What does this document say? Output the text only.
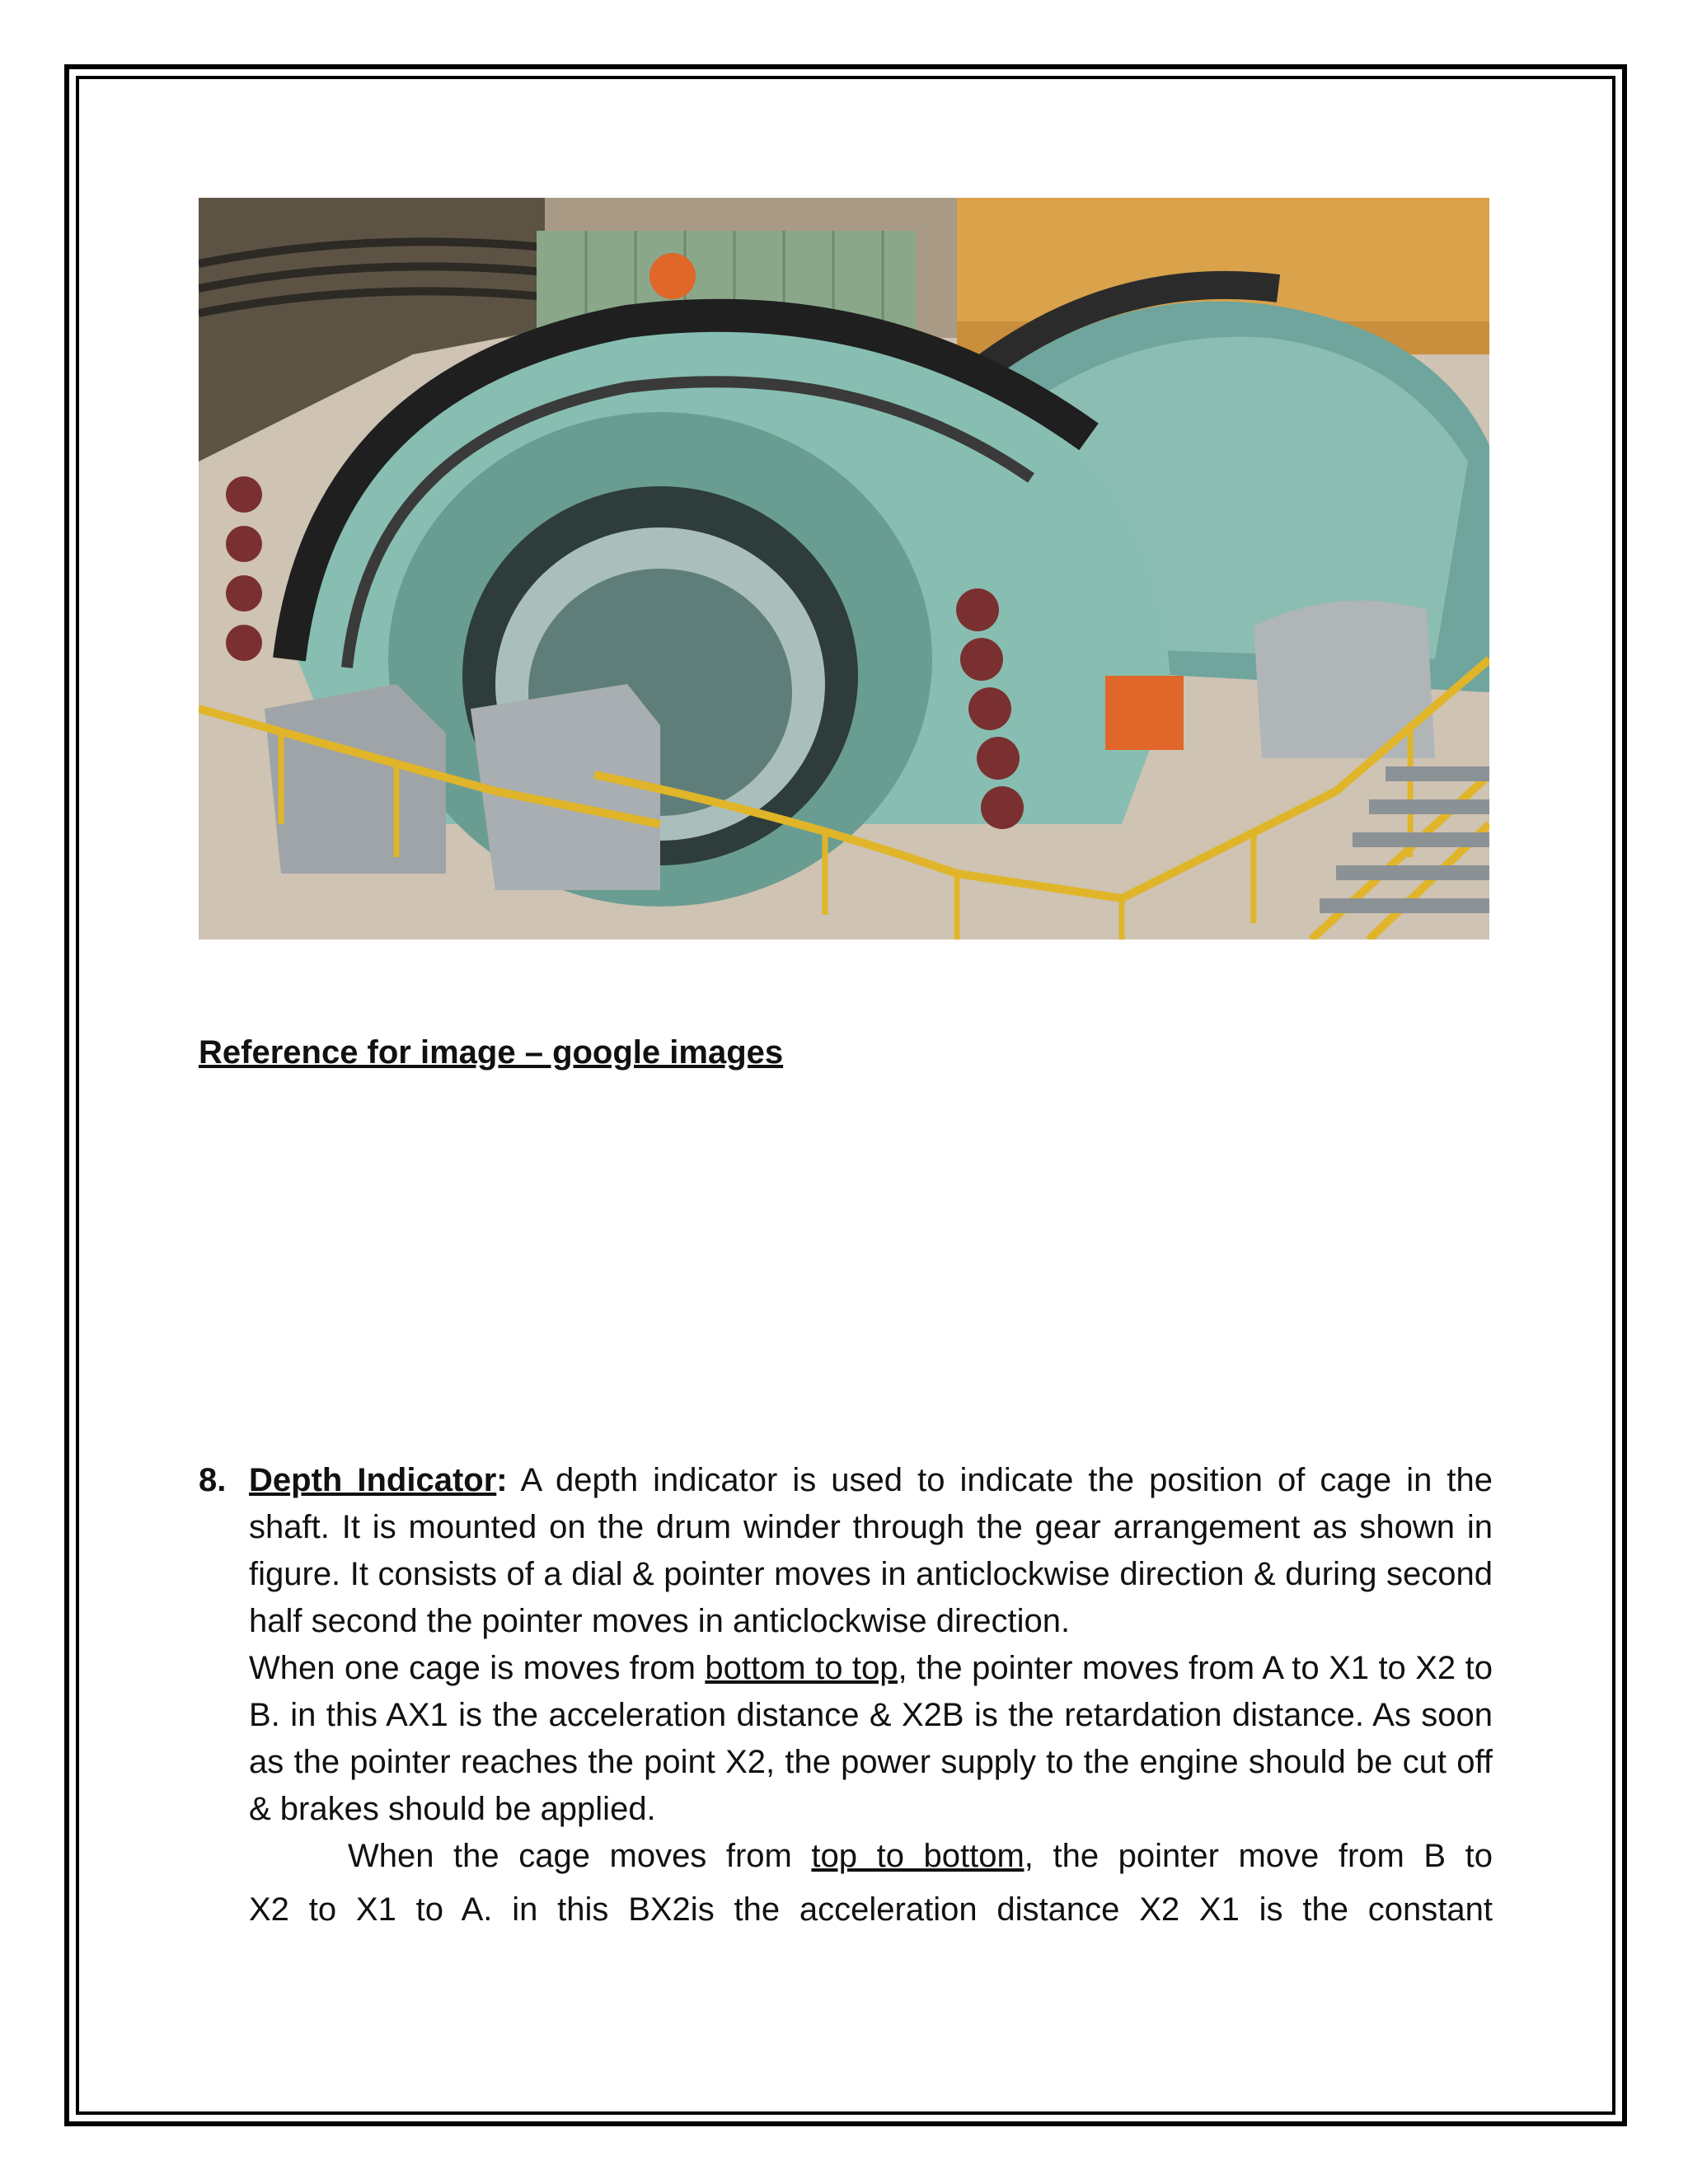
Reference for image – google images
8. Depth Indicator: A depth indicator is used to indicate the position of cage in the shaft. It is mounted on the drum winder through the gear arrangement as shown in figure. It consists of a dial & pointer moves in anticlockwise direction & during second half second the pointer moves in anticlockwise direction.
When one cage is moves from bottom to top, the pointer moves from A to X1 to X2 to B. in this AX1 is the acceleration distance & X2B is the retardation distance. As soon as the pointer reaches the point X2, the power supply to the engine should be cut off & brakes should be applied.
When the cage moves from top to bottom, the pointer move from B to
X2 to X1 to A. in this BX2is the acceleration distance X2 X1 is the constant
